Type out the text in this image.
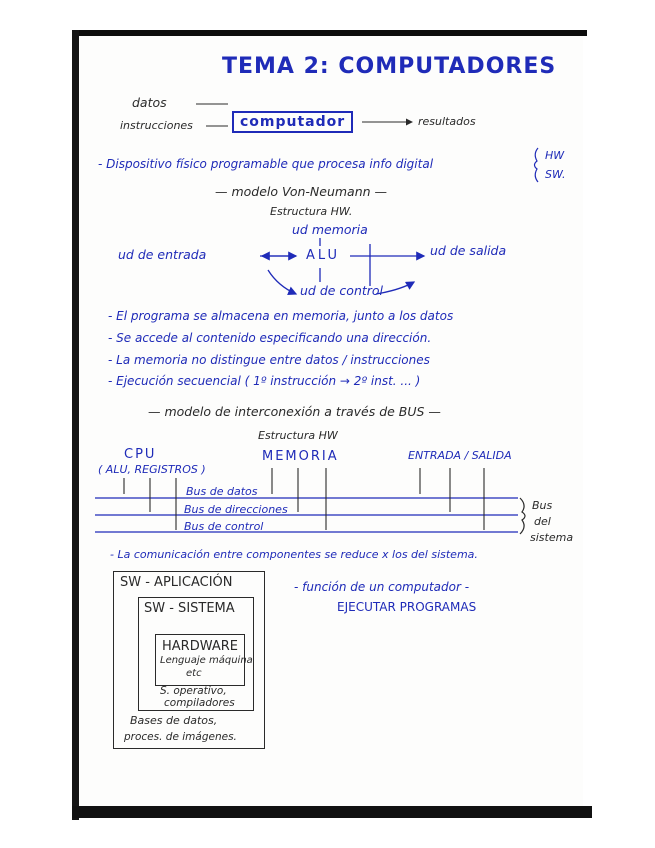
TEMA 2: COMPUTADORES
datos
instrucciones	computador	resultados
- Dispositivo físico programable que procesa info digital
HW
SW.
— modelo Von-Neumann —
Estructura HW.
ud memoria
ud de entrada	ALU	ud de salida
ud de control
- El programa se almacena en memoria, junto a los datos
- Se accede al contenido especificando una dirección.
- La memoria no distingue entre datos / instrucciones
- Ejecución secuencial ( 1º instrucción → 2º inst. ... )
— modelo de interconexión a través de BUS —
Estructura HW
CPU
( ALU, REGISTROS )
MEMORIA	ENTRADA / SALIDA
Bus de datos
Bus de direcciones
Bus de control
Bus
del
sistema
- La comunicación entre componentes se reduce x los del sistema.
SW - APLICACIÓN
SW - SISTEMA
HARDWARE
Lenguaje máquina
etc
S. operativo,
compiladores
Bases de datos,
proces. de imágenes.
- función de un computador -
EJECUTAR PROGRAMAS
